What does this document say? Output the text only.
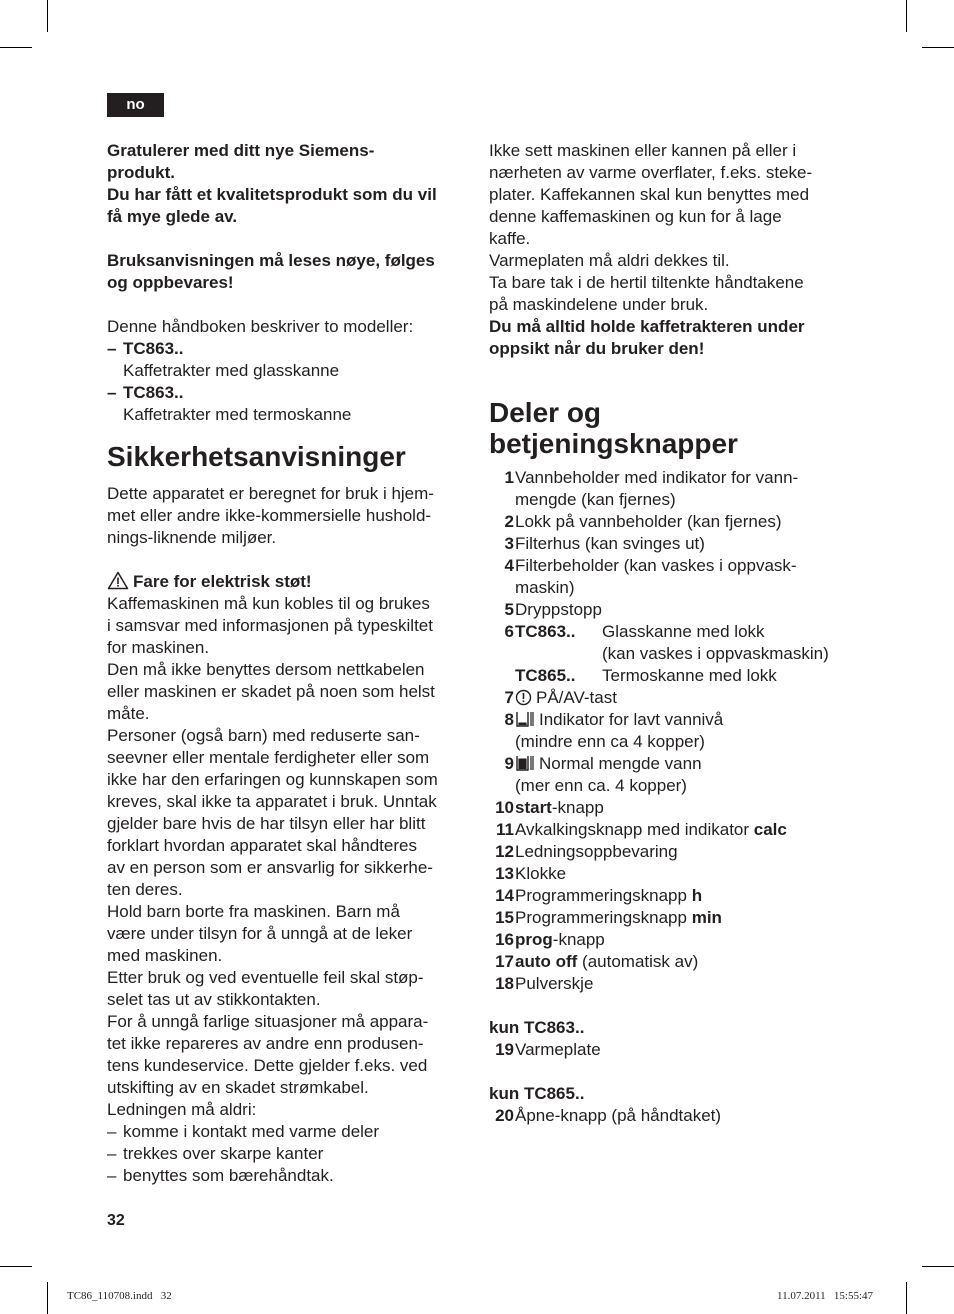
no

Gratulerer med ditt nye Siemens-

produkt.

Du har fått et kvalitetsprodukt som du vil

få mye glede av.

Bruksanvisningen må leses nøye, følges

og oppbevares!

Denne håndboken beskriver to modeller:

– TC863..

Kaffetrakter med glasskanne

– TC863..

Kaffetrakter med termoskanne

Sikkerhetsanvisninger

Dette apparatet er beregnet for bruk i hjem-

met eller andre ikke-kommersielle hushold-

nings-liknende miljøer.

Fare for elektrisk støt!

Kaffemaskinen må kun kobles til og brukes

i samsvar med informasjonen på typeskiltet

for maskinen.

Den må ikke benyttes dersom nettkabelen

eller maskinen er skadet på noen som helst

måte.

Personer (også barn) med reduserte san-

seevner eller mentale ferdigheter eller som

ikke har den erfaringen og kunnskapen som

kreves, skal ikke ta apparatet i bruk. Unntak

gjelder bare hvis de har tilsyn eller har blitt

forklart hvordan apparatet skal håndteres

av en person som er ansvarlig for sikkerhe-

ten deres.

Hold barn borte fra maskinen. Barn må

være under tilsyn for å unngå at de leker

med maskinen.

Etter bruk og ved eventuelle feil skal støp-

selet tas ut av stikkontakten.

For å unngå farlige situasjoner må appara-

tet ikke repareres av andre enn produsen-

tens kundeservice. Dette gjelder f.eks. ved

utskifting av en skadet strømkabel.

Ledningen må aldri:

– komme i kontakt med varme deler

– trekkes over skarpe kanter

– benyttes som bærehåndtak.

Ikke sett maskinen eller kannen på eller i

nærheten av varme overflater, f.eks. steke-

plater. Kaffekannen skal kun benyttes med

denne kaffemaskinen og kun for å lage

kaffe.

Varmeplaten må aldri dekkes til.

Ta bare tak i de hertil tiltenkte håndtakene

på maskindelene under bruk.

Du må alltid holde kaffetrakteren under

oppsikt når du bruker den!

Deler og
betjeningsknapper
1 Vannbeholder med indikator for vann-
mengde (kan fjernes)
2 Lokk på vannbeholder (kan fjernes)
3 Filterhus (kan svinges ut)
4 Filterbeholder (kan vaskes i oppvask-
maskin)
5 Dryppstopp
6 TC863.. Glasskanne med lokk
(kan vaskes i oppvaskmaskin)
TC865.. Termoskanne med lokk
7	PÅ/AV-tast
8	Indikator for lavt vannivå
(mindre enn ca 4 kopper)
9	Normal mengde vann
(mer enn ca. 4 kopper)
10 start-knapp
11 Avkalkingsknapp med indikator calc
12 Ledningsoppbevaring
13 Klokke
14 Programmeringsknapp h
15 Programmeringsknapp min
16 prog-knapp
17 auto off (automatisk av)
18 Pulverskje

kun TC863..

19 Varmeplate

kun TC865..

20 Åpne-knapp (på håndtaket)
32
TC86_110708.indd   32	11.07.2011   15:55:47
